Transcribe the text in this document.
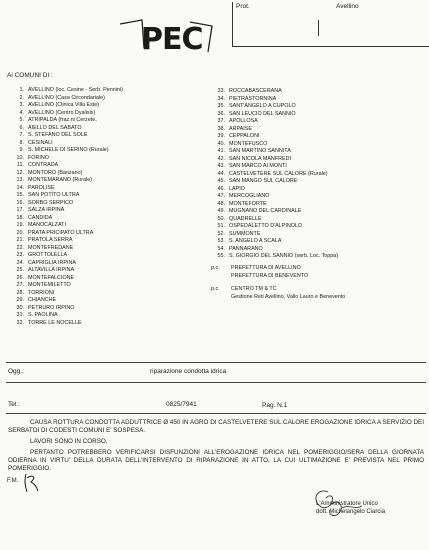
PEC
Prot.	Avellino
Ai COMUNI DI :
1. AVELLINO (loc. Cesine - Serb. Pennini)
2. AVELLINO (Casa Circondariale)
3. AVELLINO (Clinica Villa Este)
4. AVELLINO (Centro Dyalisis)
5. ATRIPALDA (fraz.ni Cerzete,
6. AIELLO DEL SABATO
7. S. STEFANO DEL SOLE
8. CESINALI
9. S. MICHELE DI SERINO (Rurale)
10. FORINO
11. CONTRADA
12. MONTORO (Banzano)
13. MONTEMARANO (Rurale)
14. PAROLISE
15. SAN POTITO ULTRA
16. SORBO SERPICO
17. SALZA IRPINA
18. CANDIDA
19. MANOCALZATI
20. PRATA PRICIPATO ULTRA
21. PRATOLA SERRA
22. MONTEFREDANE
23. GROTTOLELLA
24. CAPRIGLIA IRPINA
25. ALTAVILLA IRPINA
26. MONTEFALCIONE
27. MONTEMILETTO
28. TORRIONI
29. CHIANCHE
30. PETRURO IRPINO
31. S. PAOLINA
32. TORRE LE NOCELLE
33. ROCCABASCERANA
34. PIETRASTORNINA
35. SANT'ANGELO A CUPOLO
36. SAN LEUCIO DEL SANNIO
37. APOLLOSA
38. ARPAISE
39. CEPPALONI
40. MONTEFUSCO
41. SAN MARTINO SANNITA
42. SAN NICOLA MANFREDI
43. SAN MARCO AI MONTI
44. CASTELVETERE SUL CALORE (Rurale)
45. SAN MANGO SUL CALORE
46. LAPIO
47. MERCOGLIANO
48. MONTEFORTE
49. MUGNANO DEL CARDINALE
50. QUADRELLE
51. OSPEDALETTO D'ALPINOLO
52. SUMMONTE
53. S. ANGELO A SCALA
54. PANNARANO
55. S. GIORGIO DEL SANNIO (serb. Loc. Toppa)
p.c. PREFETTURA DI AVELLINO
PREFETTURA DI BENEVENTO
p.c. CENTRO TM & TC
Gestione Reti Avellino, Vallo Lauro e Benevento
Ogg.:	riparazione condotta idrica
Tel.:	0825/7941	Pag. N.1
CAUSA ROTTURA CONDOTTA ADDUTTRICE Ø 450 IN AGRO DI CASTELVETERE SUL CALORE EROGAZIONE IDRICA A SERVIZIO DEI SERBATOI DI CODESTI COMUNI E' SOSPESA.
LAVORI SONO IN CORSO.
PERTANTO POTREBBERO VERIFICARSI DISFUNZIONI ALL'EROGAZIONE IDRICA NEL POMERIGGIO/SERA DELLA GIORNATA ODIERNA IN VIRTU' DELLA DURATA DELL'INTERVENTO DI RIPARAZIONE IN ATTO, LA CUI ULTIMAZIONE E' PREVISTA NEL PRIMO POMERIGGIO.
F.M.
L'Amministratore Unico
dott. Michelangelo Ciarcia
